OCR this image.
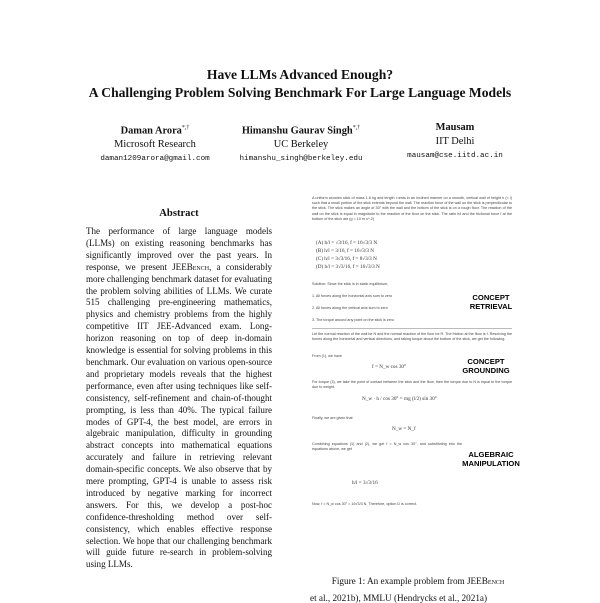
Have LLMs Advanced Enough?
A Challenging Problem Solving Benchmark For Large Language Models
Daman Arora*,†
Microsoft Research
daman1209arora@gmail.com
Himanshu Gaurav Singh*,†
UC Berkeley
himanshu_singh@berkeley.edu
Mausam
IIT Delhi
mausam@cse.iitd.ac.in
Abstract

The performance of large language models (LLMs) on existing reasoning benchmarks has significantly improved over the past years. In response, we present JEEBench, a considerably more challenging benchmark dataset for evaluating the problem solving abilities of LLMs. We curate 515 challenging pre-engineering mathematics, physics and chemistry problems from the highly competitive IIT JEE-Advanced exam. Long-horizon reasoning on top of deep in-domain knowledge is essential for solving problems in this benchmark. Our evaluation on various open-source and proprietary models reveals that the highest performance, even after using techniques like self-consistency, self-refinement and chain-of-thought prompting, is less than 40%. The typical failure modes of GPT-4, the best model, are errors in algebraic manipulation, difficulty in grounding abstract concepts into mathematical equations accurately and failure in retrieving relevant domain-specific concepts. We also observe that by mere prompting, GPT-4 is unable to assess risk introduced by negative marking for incorrect answers. For this, we develop a post-hoc confidence-thresholding method over self-consistency, which enables effective response selection. We hope that our challenging benchmark will guide future re-search in problem-solving using LLMs.

A uniform wooden stick of mass 1.6 kg and length l rests in an inclined manner on a smooth, vertical wall of height h (< l) such that a small portion of the stick extends beyond the wall. The reaction force of the wall on the stick is perpendicular to the stick. The stick makes an angle of 30° with the wall and the bottom of the stick is on a rough floor. The reaction of the wall on the stick is equal in magnitude to the reaction of the floor on the stick. The ratio h/l and the frictional force f at the bottom of the stick are (g = 10 m s^-2)

(A) h/l = √3/16, f = 16√3/3 N
(B) h/l = 3/16, f = 16√3/3 N
(C) h/l = 3√3/16, f = 8√3/3 N
(D) h/l = 3√3/16, f = 16√3/3 N

Solution: Since the stick is in static equilibrium,

1. All forces along the horizontal axis sum to zero

2. All forces along the vertical axis sum to zero

3. The torque around any point on the stick is zero

CONCEPT RETRIEVAL

Let the normal reaction of the wall be N and the normal reaction of the floor be R. The friction at the floor is f. Resolving the forces along the horizontal and vertical directions, and taking torque about the bottom of the stick, we get the following.

From (1), we have

f = N_w cos 30°
CONCEPT GROUNDING

For torque (3), we take the point of contact between the stick and the floor, then the torque due to N is equal to the torque due to weight.

N_w · h / cos 30° = mg (l/2) sin 30°

Finally, we are given that

N_w = N_f

Combining equations (1) and (2), we get f = N_w cos 30°, and substituting into the equations above, we get

ALGEBRAIC MANIPULATION
h/l = 3√3/16

Now, f = N_w cos 30° = 16√3/3 N. Therefore, option D is correct.

Figure 1: An example problem from JEEBench
et al., 2021b), MMLU (Hendrycks et al., 2021a)
